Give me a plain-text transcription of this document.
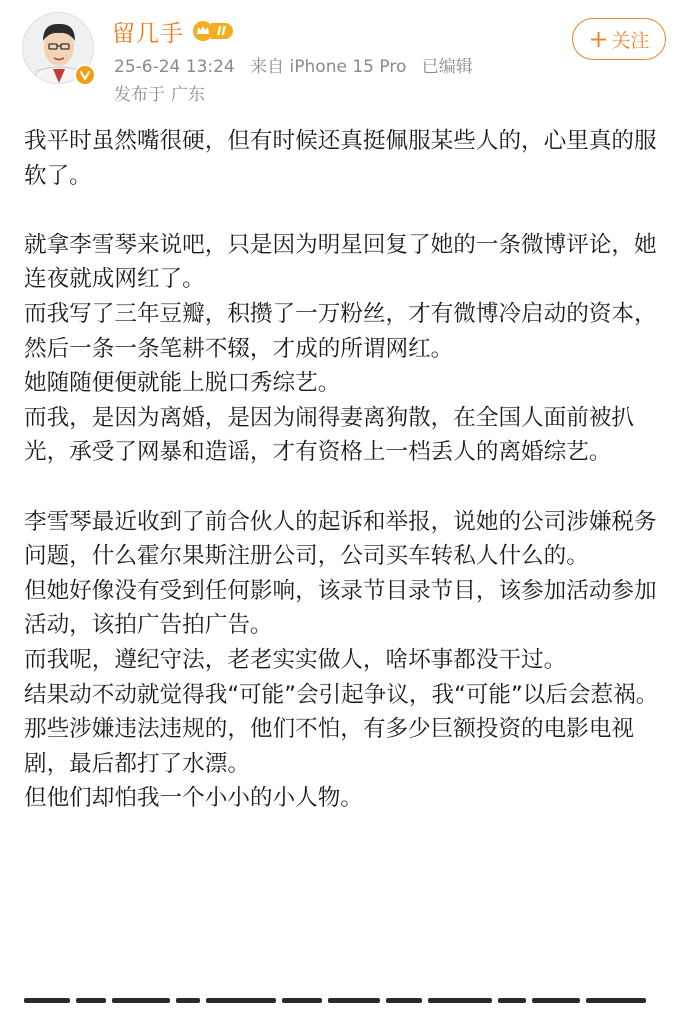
留几手	II
25-6-24 13:24 来自 iPhone 15 Pro 已编辑
发布于 广东
+ 关注

我平时虽然嘴很硬，但有时候还真挺佩服某些人的，心里真的服软了。

就拿李雪琴来说吧，只是因为明星回复了她的一条微博评论，她连夜就成网红了。

而我写了三年豆瓣，积攒了一万粉丝，才有微博冷启动的资本，然后一条一条笔耕不辍，才成的所谓网红。

她随随便便就能上脱口秀综艺。

而我，是因为离婚，是因为闹得妻离狗散，在全国人面前被扒光，承受了网暴和造谣，才有资格上一档丢人的离婚综艺。

李雪琴最近收到了前合伙人的起诉和举报，说她的公司涉嫌税务问题，什么霍尔果斯注册公司，公司买车转私人什么的。

但她好像没有受到任何影响，该录节目录节目，该参加活动参加活动，该拍广告拍广告。

而我呢，遵纪守法，老老实实做人，啥坏事都没干过。

结果动不动就觉得我“可能”会引起争议，我“可能”以后会惹祸。

那些涉嫌违法违规的，他们不怕，有多少巨额投资的电影电视剧，最后都打了水漂。

但他们却怕我一个小小的小人物。
